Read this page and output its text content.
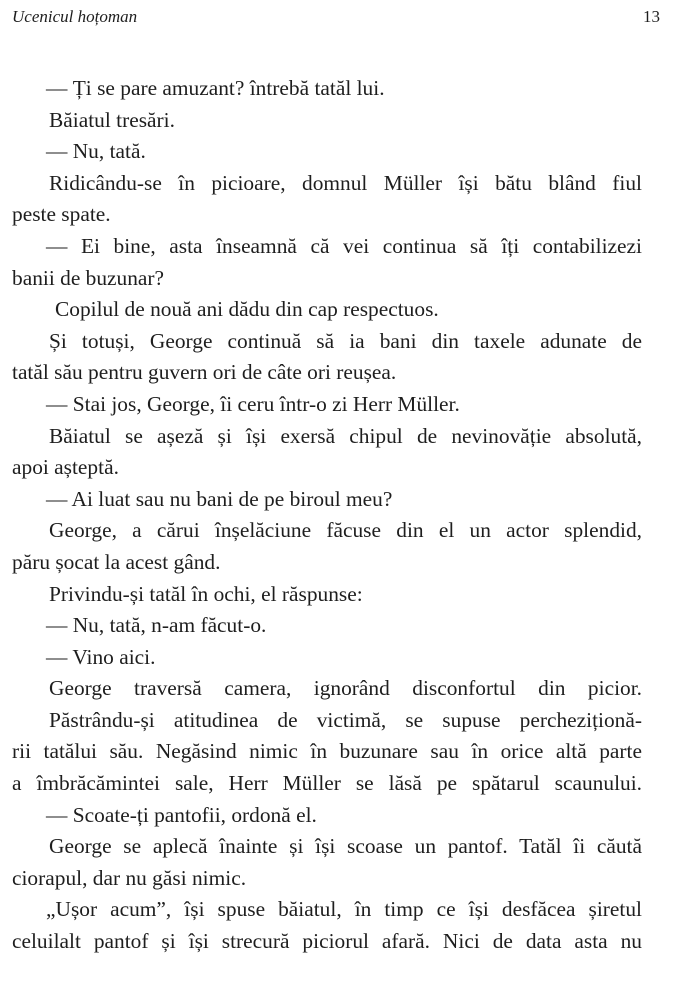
Ucenicul hoțoman	13
— Ți se pare amuzant? întrebă tatăl lui.
Băiatul tresări.
— Nu, tată.
Ridicându-se în picioare, domnul Müller își bătu blând fiul
peste spate.
— Ei bine, asta înseamnă că vei continua să îți contabilizezi
banii de buzunar?
Copilul de nouă ani dădu din cap respectuos.
Și totuși, George continuă să ia bani din taxele adunate de
tatăl său pentru guvern ori de câte ori reușea.
— Stai jos, George, îi ceru într-o zi Herr Müller.
Băiatul se așeză și își exersă chipul de nevinovăție absolută,
apoi așteptă.
— Ai luat sau nu bani de pe biroul meu?
George, a cărui înșelăciune făcuse din el un actor splendid,
păru șocat la acest gând.
Privindu-și tatăl în ochi, el răspunse:
— Nu, tată, n-am făcut-o.
— Vino aici.
George traversă camera, ignorând disconfortul din picior.
Păstrându-și atitudinea de victimă, se supuse percheziționă-
rii tatălui său. Negăsind nimic în buzunare sau în orice altă parte
a îmbrăcămintei sale, Herr Müller se lăsă pe spătarul scaunului.
— Scoate-ți pantofii, ordonă el.
George se aplecă înainte și își scoase un pantof. Tatăl îi căută
ciorapul, dar nu găsi nimic.
„Ușor acum”, își spuse băiatul, în timp ce își desfăcea șiretul
celuilalt pantof și își strecură piciorul afară. Nici de data asta nu
